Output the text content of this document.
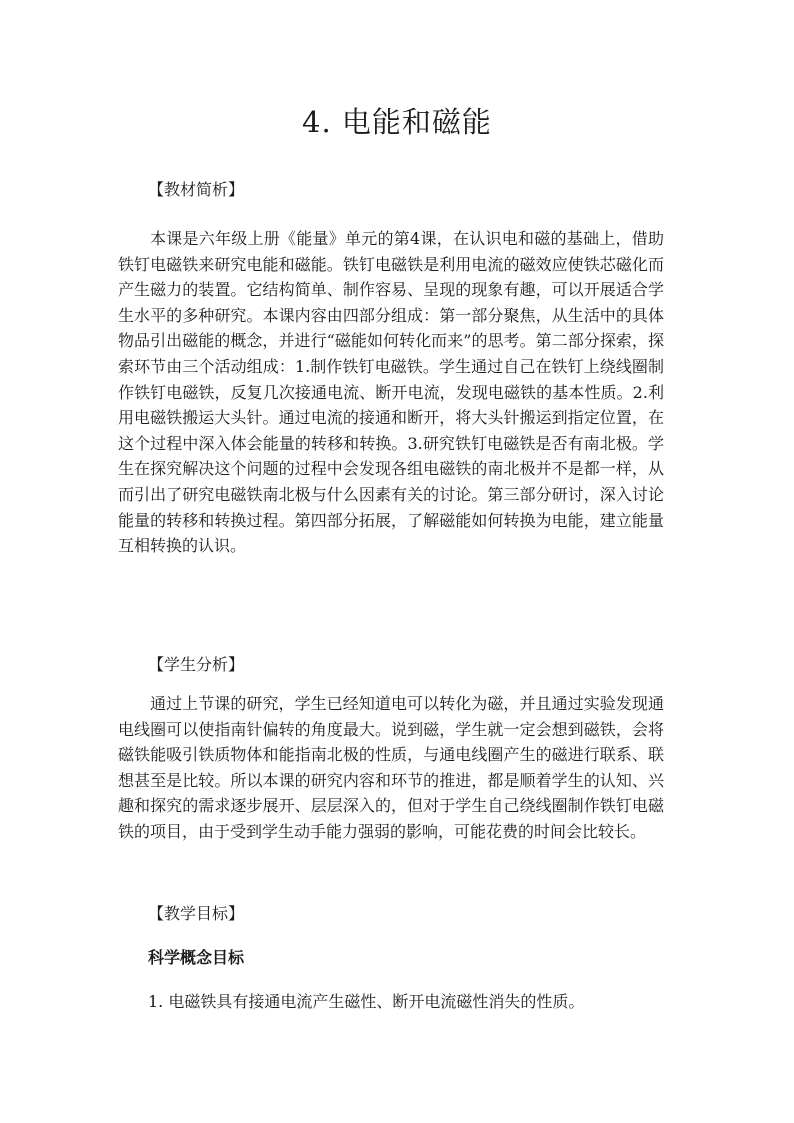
4. 电能和磁能
【教材简析】

本课是六年级上册《能量》单元的第4课，在认识电和磁的基础上，借助铁钉电磁铁来研究电能和磁能。铁钉电磁铁是利用电流的磁效应使铁芯磁化而产生磁力的装置。它结构简单、制作容易、呈现的现象有趣，可以开展适合学生水平的多种研究。本课内容由四部分组成：第一部分聚焦，从生活中的具体物品引出磁能的概念，并进行“磁能如何转化而来”的思考。第二部分探索，探索环节由三个活动组成：1.制作铁钉电磁铁。学生通过自己在铁钉上绕线圈制作铁钉电磁铁，反复几次接通电流、断开电流，发现电磁铁的基本性质。2.利用电磁铁搬运大头针。通过电流的接通和断开，将大头针搬运到指定位置，在这个过程中深入体会能量的转移和转换。3.研究铁钉电磁铁是否有南北极。学生在探究解决这个问题的过程中会发现各组电磁铁的南北极并不是都一样，从而引出了研究电磁铁南北极与什么因素有关的讨论。第三部分研讨，深入讨论能量的转移和转换过程。第四部分拓展，了解磁能如何转换为电能，建立能量互相转换的认识。

【学生分析】

通过上节课的研究，学生已经知道电可以转化为磁，并且通过实验发现通电线圈可以使指南针偏转的角度最大。说到磁，学生就一定会想到磁铁，会将磁铁能吸引铁质物体和能指南北极的性质，与通电线圈产生的磁进行联系、联想甚至是比较。所以本课的研究内容和环节的推进，都是顺着学生的认知、兴趣和探究的需求逐步展开、层层深入的，但对于学生自己绕线圈制作铁钉电磁铁的项目，由于受到学生动手能力强弱的影响，可能花费的时间会比较长。

【教学目标】
科学概念目标

1. 电磁铁具有接通电流产生磁性、断开电流磁性消失的性质。
